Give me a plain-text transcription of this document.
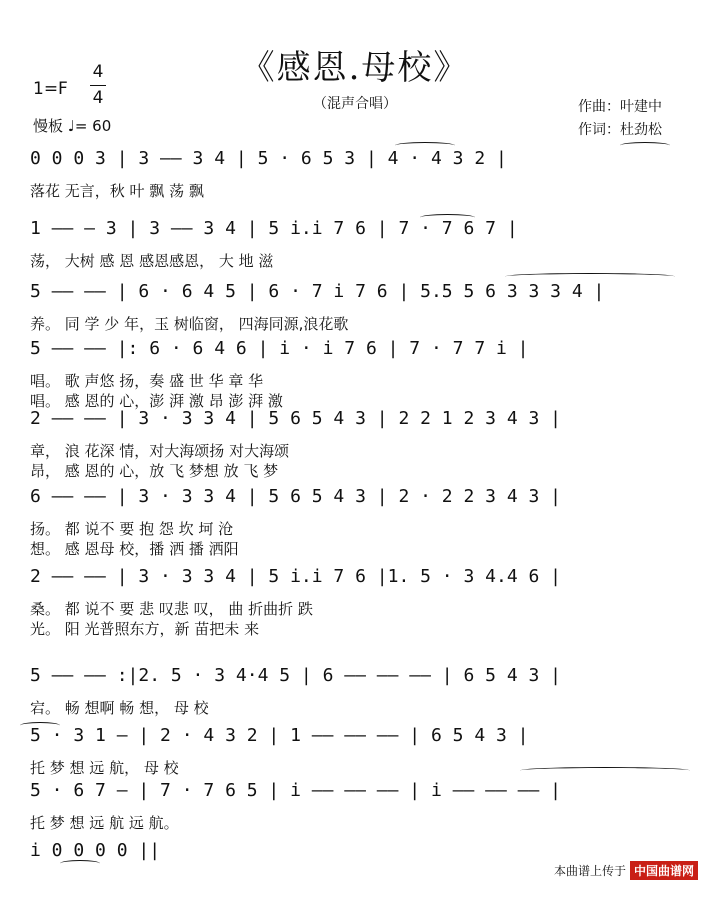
《感恩.母校》
（混声合唱）
1=F
4
4
慢板 ♩= 60
作曲：叶建中
作词：杜劲松
0 0 0 3 | 3 —— 3 4 | 5 · 6 5 3 | 4 · 4 3 2 |
落花 无言，秋 叶 飘 荡 飘
1 —— — 3 | 3 —— 3 4 | 5 i.i 7 6 | 7 · 7 6 7 |
荡， 大树 感 恩 感恩感恩， 大 地 滋
5 —— —— | 6 · 6 4 5 | 6 · 7 i 7 6 | 5.5 5 6 3 3 3 4 |
养。 同 学 少 年，玉 树临窗， 四海同源,浪花歌
5 —— —— |: 6 · 6 4 6 | i · i 7 6 | 7 · 7 7 i |
唱。 歌 声悠 扬，奏 盛 世 华 章 华
唱。 感 恩的 心，澎 湃 激 昂 澎 湃 激
2 —— —— | 3 · 3 3 4 | 5 6 5 4 3 | 2 2 1 2 3 4 3 |
章， 浪 花深 情，对大海颂扬 对大海颂
昂， 感 恩的 心，放 飞 梦想 放 飞 梦
6 —— —— | 3 · 3 3 4 | 5 6 5 4 3 | 2 · 2 2 3 4 3 |
扬。 都 说不 要 抱 怨 坎 坷 沧
想。 感 恩母 校，播 洒 播 洒阳
2 —— —— | 3 · 3 3 4 | 5 i.i 7 6 |1. 5 · 3 4.4 6 |
桑。 都 说不 要 悲 叹悲 叹， 曲 折曲折 跌
光。 阳 光普照东方，新 苗把未 来
5 —— —— :|2. 5 · 3 4·4 5 | 6 —— —— —— | 6 5 4 3 |
宕。 畅 想啊 畅 想， 母 校
5 · 3 1 — | 2 · 4 3 2 | 1 —— —— —— | 6 5 4 3 |
托 梦 想 远 航， 母 校
5 · 6 7 — | 7 · 7 6 5 | i —— —— —— | i —— —— —— |
托 梦 想 远 航 远 航。
i 0 0 0 0 ||

本曲谱上传于 中国曲谱网
